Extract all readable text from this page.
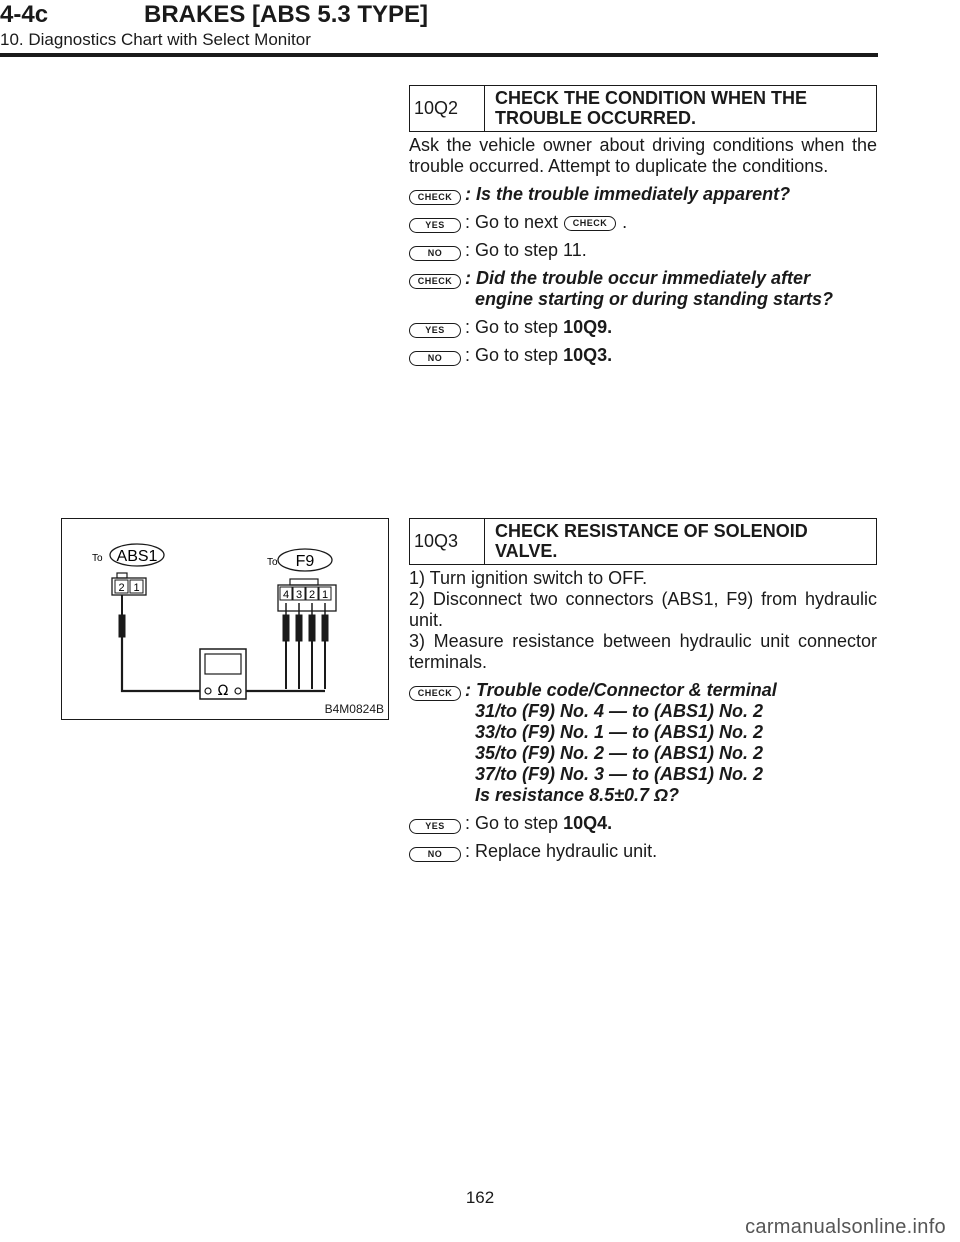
4-4c	BRAKES [ABS 5.3 TYPE]
10. Diagnostics Chart with Select Monitor
10Q2	CHECK THE CONDITION WHEN THE TROUBLE OCCURRED.

Ask the vehicle owner about driving conditions when the trouble occurred. Attempt to duplicate the conditions.

CHECK : Is the trouble immediately apparent?
YES	: Go to next CHECK .
NO	: Go to step 11.
CHECK : Did the trouble occur immediately after
engine starting or during standing starts?
YES	: Go to step 10Q9.
NO	: Go to step 10Q3.
To ABS1	To F9
2 1
4 3 2 1
Ω
B4M0824B
10Q3	CHECK RESISTANCE OF SOLENOID VALVE.

1) Turn ignition switch to OFF.

2) Disconnect two connectors (ABS1, F9) from hydraulic unit.

3) Measure resistance between hydraulic unit connector terminals.

CHECK : Trouble code/Connector & terminal
31/to (F9) No. 4 — to (ABS1) No. 2
33/to (F9) No. 1 — to (ABS1) No. 2
35/to (F9) No. 2 — to (ABS1) No. 2
37/to (F9) No. 3 — to (ABS1) No. 2
Is resistance 8.5±0.7 Ω?
YES	: Go to step 10Q4.
NO	: Replace hydraulic unit.
162
carmanualsonline.info
